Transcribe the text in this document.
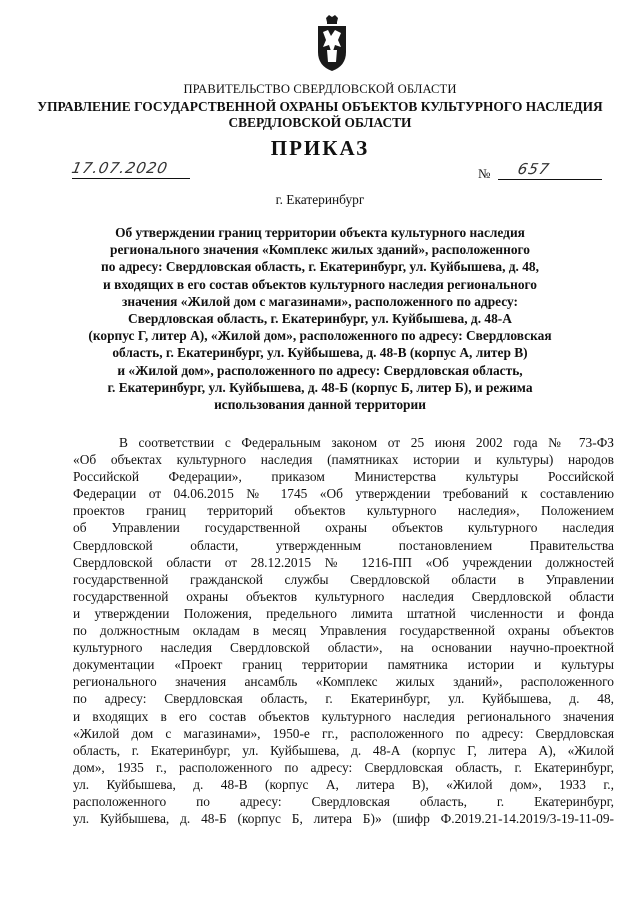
ПРАВИТЕЛЬСТВО СВЕРДЛОВСКОЙ ОБЛАСТИ
УПРАВЛЕНИЕ ГОСУДАРСТВЕННОЙ ОХРАНЫ ОБЪЕКТОВ КУЛЬТУРНОГО НАСЛЕДИЯ
СВЕРДЛОВСКОЙ ОБЛАСТИ
ПРИКАЗ
17.07.2020	№ 657
г. Екатеринбург
Об утверждении границ территории объекта культурного наследия
регионального значения «Комплекс жилых зданий», расположенного
по адресу: Свердловская область, г. Екатеринбург, ул. Куйбышева, д. 48,
и входящих в его состав объектов культурного наследия регионального
значения «Жилой дом с магазинами», расположенного по адресу:
Свердловская область, г. Екатеринбург, ул. Куйбышева, д. 48-А
(корпус Г, литер А), «Жилой дом», расположенного по адресу: Свердловская
область, г. Екатеринбург, ул. Куйбышева, д. 48-В (корпус А, литер В)
и «Жилой дом», расположенного по адресу: Свердловская область,
г. Екатеринбург, ул. Куйбышева, д. 48-Б (корпус Б, литер Б), и режима
использования данной территории
В соответствии с Федеральным законом от 25 июня 2002 года № 73-ФЗ
«Об объектах культурного наследия (памятниках истории и культуры) народов
Российской Федерации», приказом Министерства культуры Российской
Федерации от 04.06.2015 № 1745 «Об утверждении требований к составлению
проектов границ территорий объектов культурного наследия», Положением
об Управлении государственной охраны объектов культурного наследия
Свердловской области, утвержденным постановлением Правительства
Свердловской области от 28.12.2015 № 1216-ПП «Об учреждении должностей
государственной гражданской службы Свердловской области в Управлении
государственной охраны объектов культурного наследия Свердловской области
и утверждении Положения, предельного лимита штатной численности и фонда
по должностным окладам в месяц Управления государственной охраны объектов
культурного наследия Свердловской области», на основании научно-проектной
документации «Проект границ территории памятника истории и культуры
регионального значения ансамбль «Комплекс жилых зданий», расположенного
по адресу: Свердловская область, г. Екатеринбург, ул. Куйбышева, д. 48,
и входящих в его состав объектов культурного наследия регионального значения
«Жилой дом с магазинами», 1950-е гг., расположенного по адресу: Свердловская
область, г. Екатеринбург, ул. Куйбышева, д. 48-А (корпус Г, литера А), «Жилой
дом», 1935 г., расположенного по адресу: Свердловская область, г. Екатеринбург,
ул. Куйбышева, д. 48-В (корпус А, литера В), «Жилой дом», 1933 г.,
расположенного по адресу: Свердловская область, г. Екатеринбург,
ул. Куйбышева, д. 48-Б (корпус Б, литера Б)» (шифр Ф.2019.21-14.2019/3-19-11-09-
